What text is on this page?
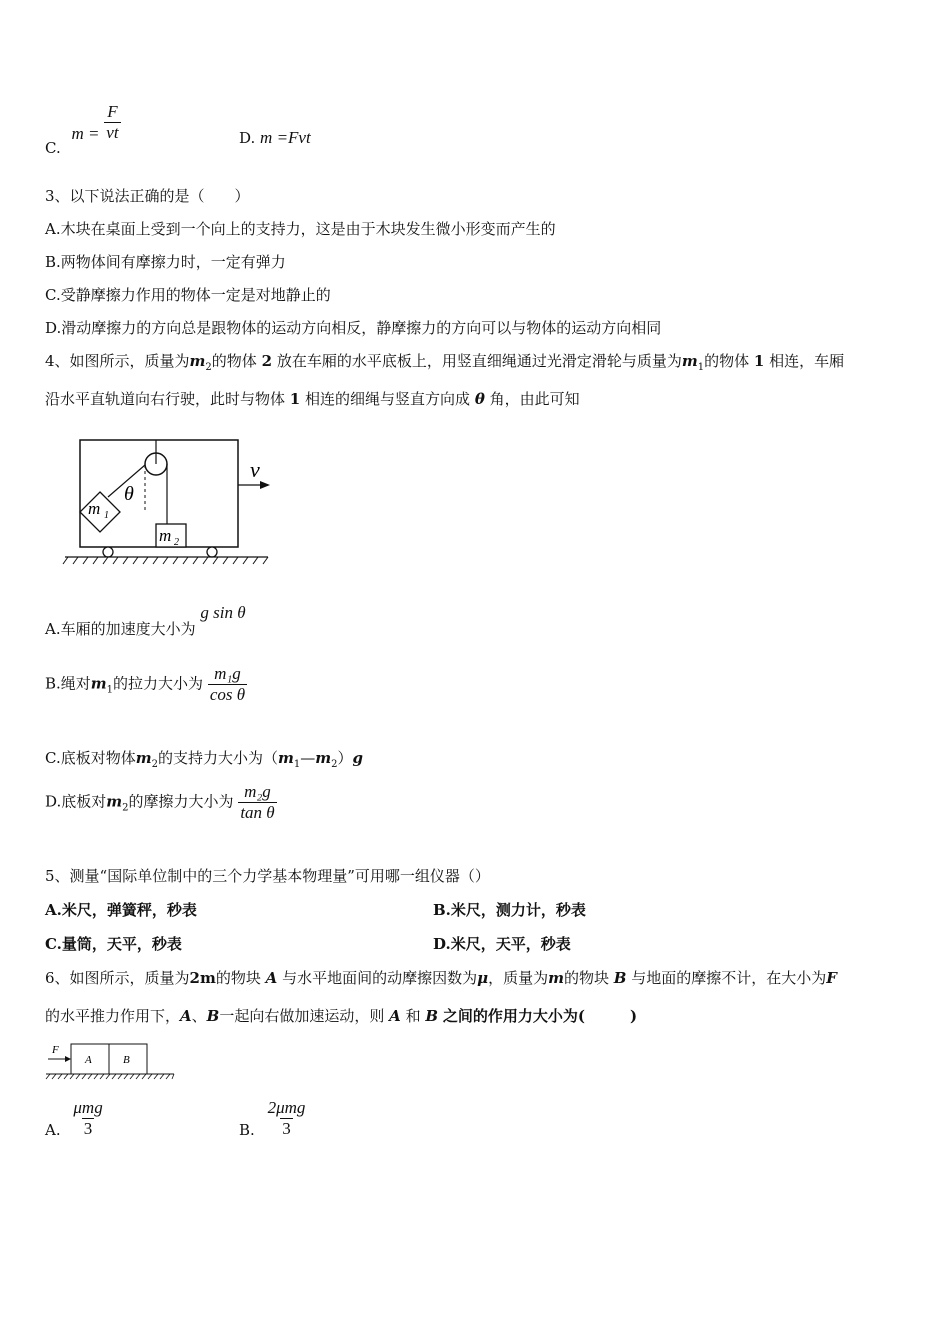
C. $m = \frac{F}{vt}$	D. m =Fvt
3、以下说法正确的是（　　）
A.木块在桌面上受到一个向上的支持力，这是由于木块发生微小形变而产生的
B.两物体间有摩擦力时，一定有弹力
C.受静摩擦力作用的物体一定是对地静止的
D.滑动摩擦力的方向总是跟物体的运动方向相反，静摩擦力的方向可以与物体的运动方向相同
4、如图所示，质量为$m_2$的物体 2 放在车厢的水平底板上，用竖直细绳通过光滑定滑轮与质量为$m_1$的物体 1 相连，车厢
沿水平直轨道向右行驶，此时与物体 1 相连的细绳与竖直方向成 θ 角，由此可知
m 1
m 2
θ
v
A.车厢的加速度大小为 g sin θ
B.绳对$m_1$的拉力大小为 $\frac{\text{m₁g}}{\text{cos θ}}$
C.底板对物体$m_2$的支持力大小为$(m_1—m_2)g$
D.底板对$m_2$的摩擦力大小为 $\frac{\text{m₂g}}{\text{tan θ}}$
5、测量“国际单位制中的三个力学基本物理量”可用哪一组仪器（）
A.米尺，弹簧秤，秒表	B.米尺，测力计，秒表
C.量筒，天平，秒表	D.米尺，天平，秒表
6、如图所示，质量为2m的物块 A 与水平地面间的动摩擦因数为μ，质量为m的物块 B 与地面的摩擦不计，在大小为F
的水平推力作用下，A、B一起向右做加速运动，则 A 和 B 之间的作用力大小为(　　　)
F
A	B
A. $\frac{\text{μmg}}{3}$	B. $\frac{\text{2μmg}}{3}$
